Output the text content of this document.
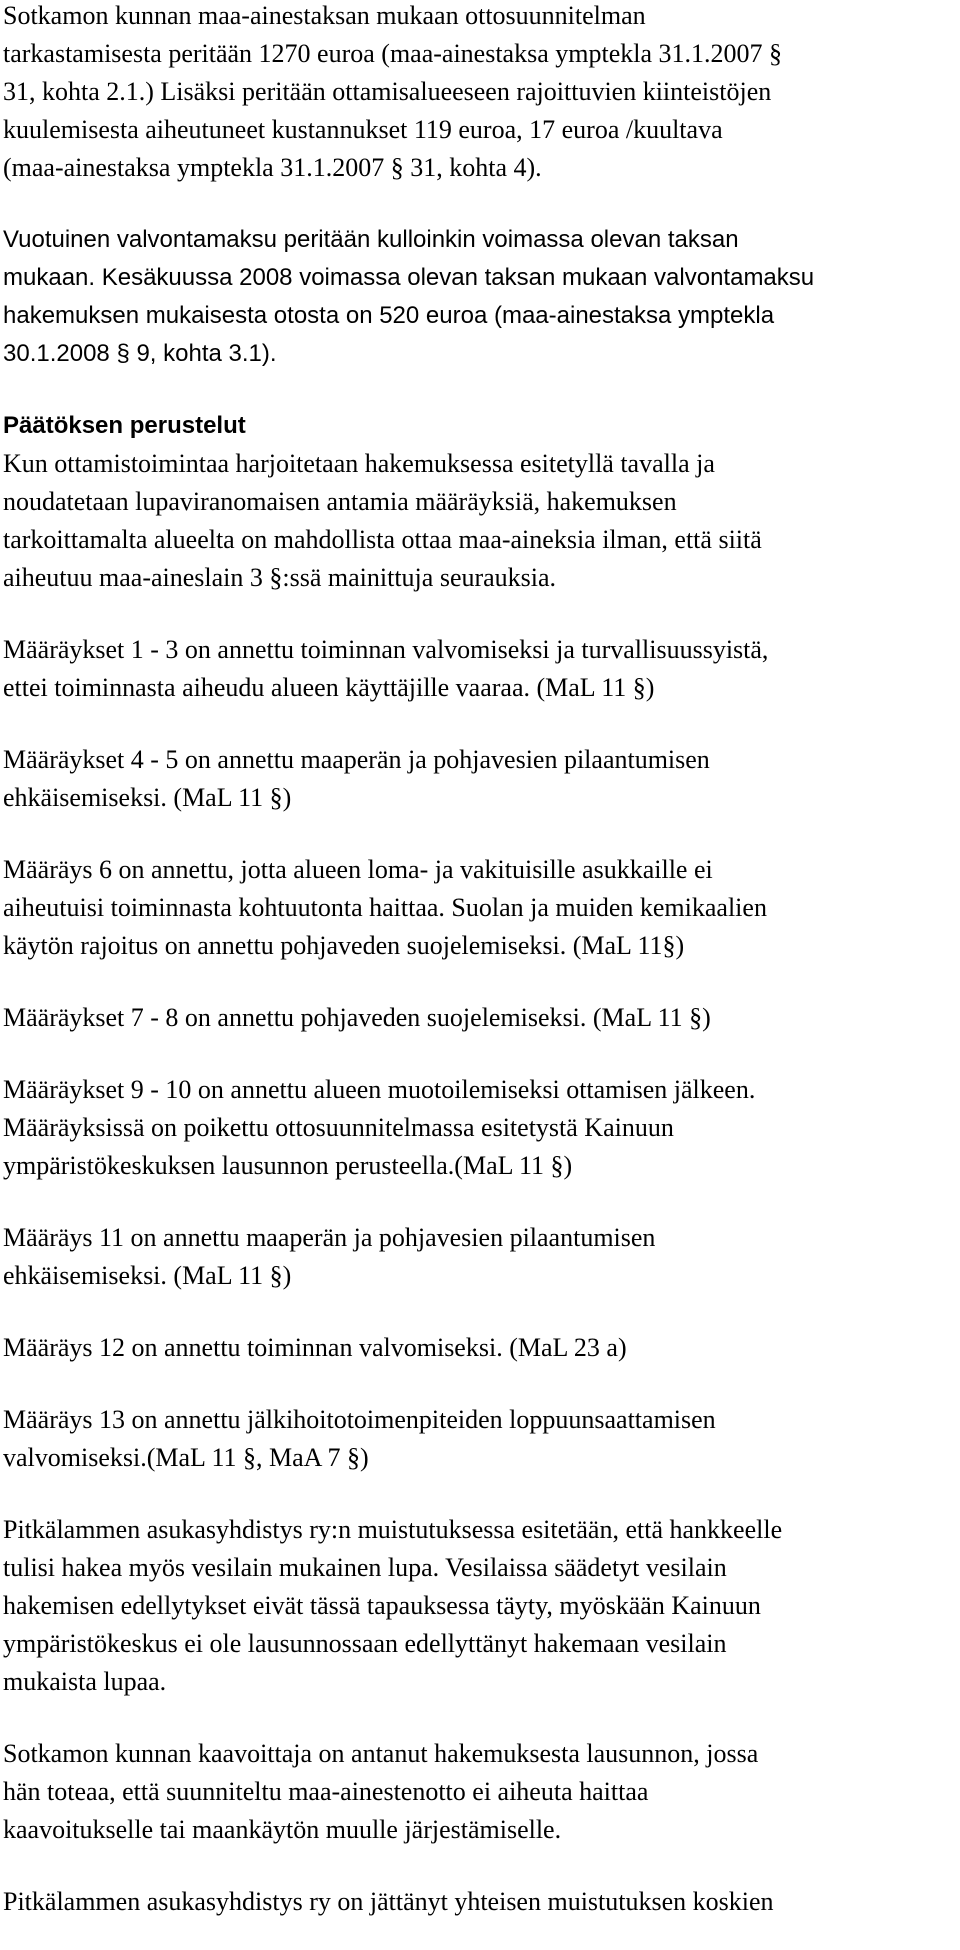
Sotkamon kunnan maa-ainestaksan mukaan ottosuunnitelman
tarkastamisesta peritään 1270 euroa (maa-ainestaksa ymptekla 31.1.2007 §
31, kohta 2.1.) Lisäksi peritään ottamisalueeseen rajoittuvien kiinteistöjen
kuulemisesta aiheutuneet kustannukset 119 euroa, 17 euroa /kuultava
(maa-ainestaksa ymptekla 31.1.2007 § 31, kohta 4).

Vuotuinen valvontamaksu peritään kulloinkin voimassa olevan taksan
mukaan. Kesäkuussa 2008 voimassa olevan taksan mukaan valvontamaksu
hakemuksen mukaisesta otosta on 520 euroa (maa-ainestaksa ymptekla
30.1.2008 § 9, kohta 3.1).

Päätöksen perustelut
Kun ottamistoimintaa harjoitetaan hakemuksessa esitetyllä tavalla ja
noudatetaan lupaviranomaisen antamia määräyksiä, hakemuksen
tarkoittamalta alueelta on mahdollista ottaa maa-aineksia ilman, että siitä
aiheutuu maa-aineslain 3 §:ssä mainittuja seurauksia.

Määräykset 1 - 3 on annettu toiminnan valvomiseksi ja turvallisuussyistä,
ettei toiminnasta aiheudu alueen käyttäjille vaaraa. (MaL 11 §)

Määräykset 4 - 5 on annettu maaperän ja pohjavesien pilaantumisen
ehkäisemiseksi. (MaL 11 §)

Määräys 6 on annettu, jotta alueen loma- ja vakituisille asukkaille ei
aiheutuisi toiminnasta kohtuutonta haittaa. Suolan ja muiden kemikaalien
käytön rajoitus on annettu pohjaveden suojelemiseksi. (MaL 11§)

Määräykset 7 - 8 on annettu pohjaveden suojelemiseksi. (MaL 11 §)

Määräykset 9 - 10 on annettu alueen muotoilemiseksi ottamisen jälkeen.
Määräyksissä on poikettu ottosuunnitelmassa esitetystä Kainuun
ympäristökeskuksen lausunnon perusteella.(MaL 11 §)

Määräys 11 on annettu maaperän ja pohjavesien pilaantumisen
ehkäisemiseksi. (MaL 11 §)

Määräys 12 on annettu toiminnan valvomiseksi. (MaL 23 a)

Määräys 13 on annettu jälkihoitotoimenpiteiden loppuunsaattamisen
valvomiseksi.(MaL 11 §, MaA 7 §)

Pitkälammen asukasyhdistys ry:n muistutuksessa esitetään, että hankkeelle
tulisi hakea myös vesilain mukainen lupa. Vesilaissa säädetyt vesilain
hakemisen edellytykset eivät tässä tapauksessa täyty, myöskään Kainuun
ympäristökeskus ei ole lausunnossaan edellyttänyt hakemaan vesilain
mukaista lupaa.

Sotkamon kunnan kaavoittaja on antanut hakemuksesta lausunnon, jossa
hän toteaa, että suunniteltu maa-ainestenotto ei aiheuta haittaa
kaavoitukselle tai maankäytön muulle järjestämiselle.

Pitkälammen asukasyhdistys ry on jättänyt yhteisen muistutuksen koskien
